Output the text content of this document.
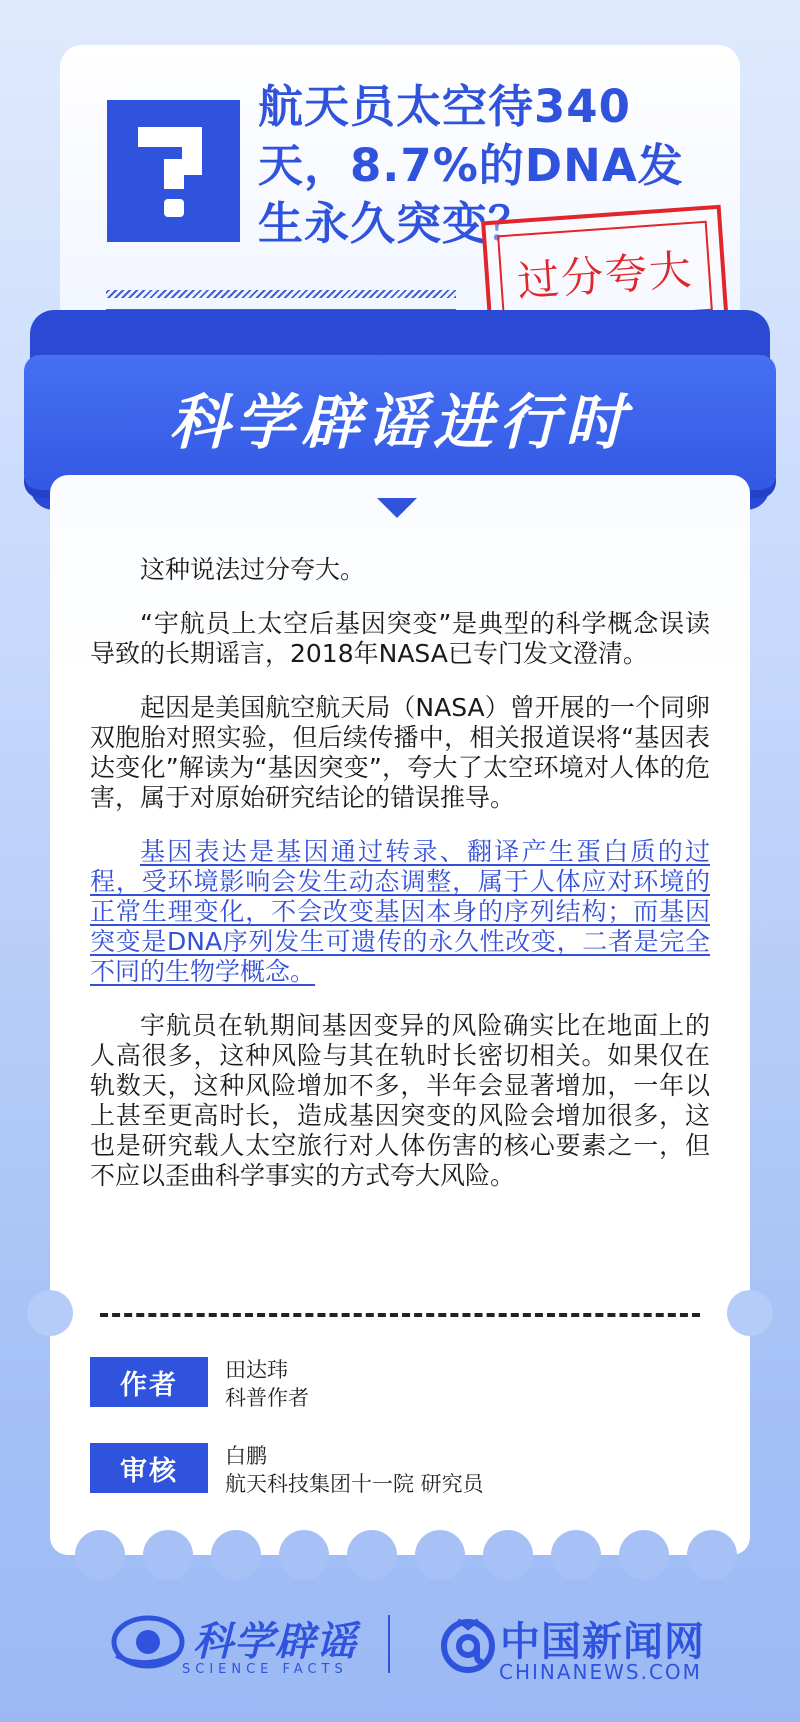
航天员太空待340天，8.7%的DNA发生永久突变？
过分夸大
科学辟谣进行时

这种说法过分夸大。

“宇航员上太空后基因突变”是典型的科学概念误读导致的长期谣言，2018年NASA已专门发文澄清。

起因是美国航空航天局（NASA）曾开展的一个同卵双胞胎对照实验，但后续传播中，相关报道误将“基因表达变化”解读为“基因突变”，夸大了太空环境对人体的危害，属于对原始研究结论的错误推导。

基因表达是基因通过转录、翻译产生蛋白质的过程，受环境影响会发生动态调整，属于人体应对环境的正常生理变化，不会改变基因本身的序列结构；而基因突变是DNA序列发生可遗传的永久性改变，二者是完全不同的生物学概念。

宇航员在轨期间基因变异的风险确实比在地面上的人高很多，这种风险与其在轨时长密切相关。如果仅在轨数天，这种风险增加不多，半年会显著增加，一年以上甚至更高时长，造成基因突变的风险会增加很多，这也是研究载人太空旅行对人体伤害的核心要素之一，但不应以歪曲科学事实的方式夸大风险。

作者	田达玮
科普作者
审核	白鹏
航天科技集团十一院 研究员
科学辟谣
SCIENCE FACTS
中国新闻网
CHINANEWS.COM
